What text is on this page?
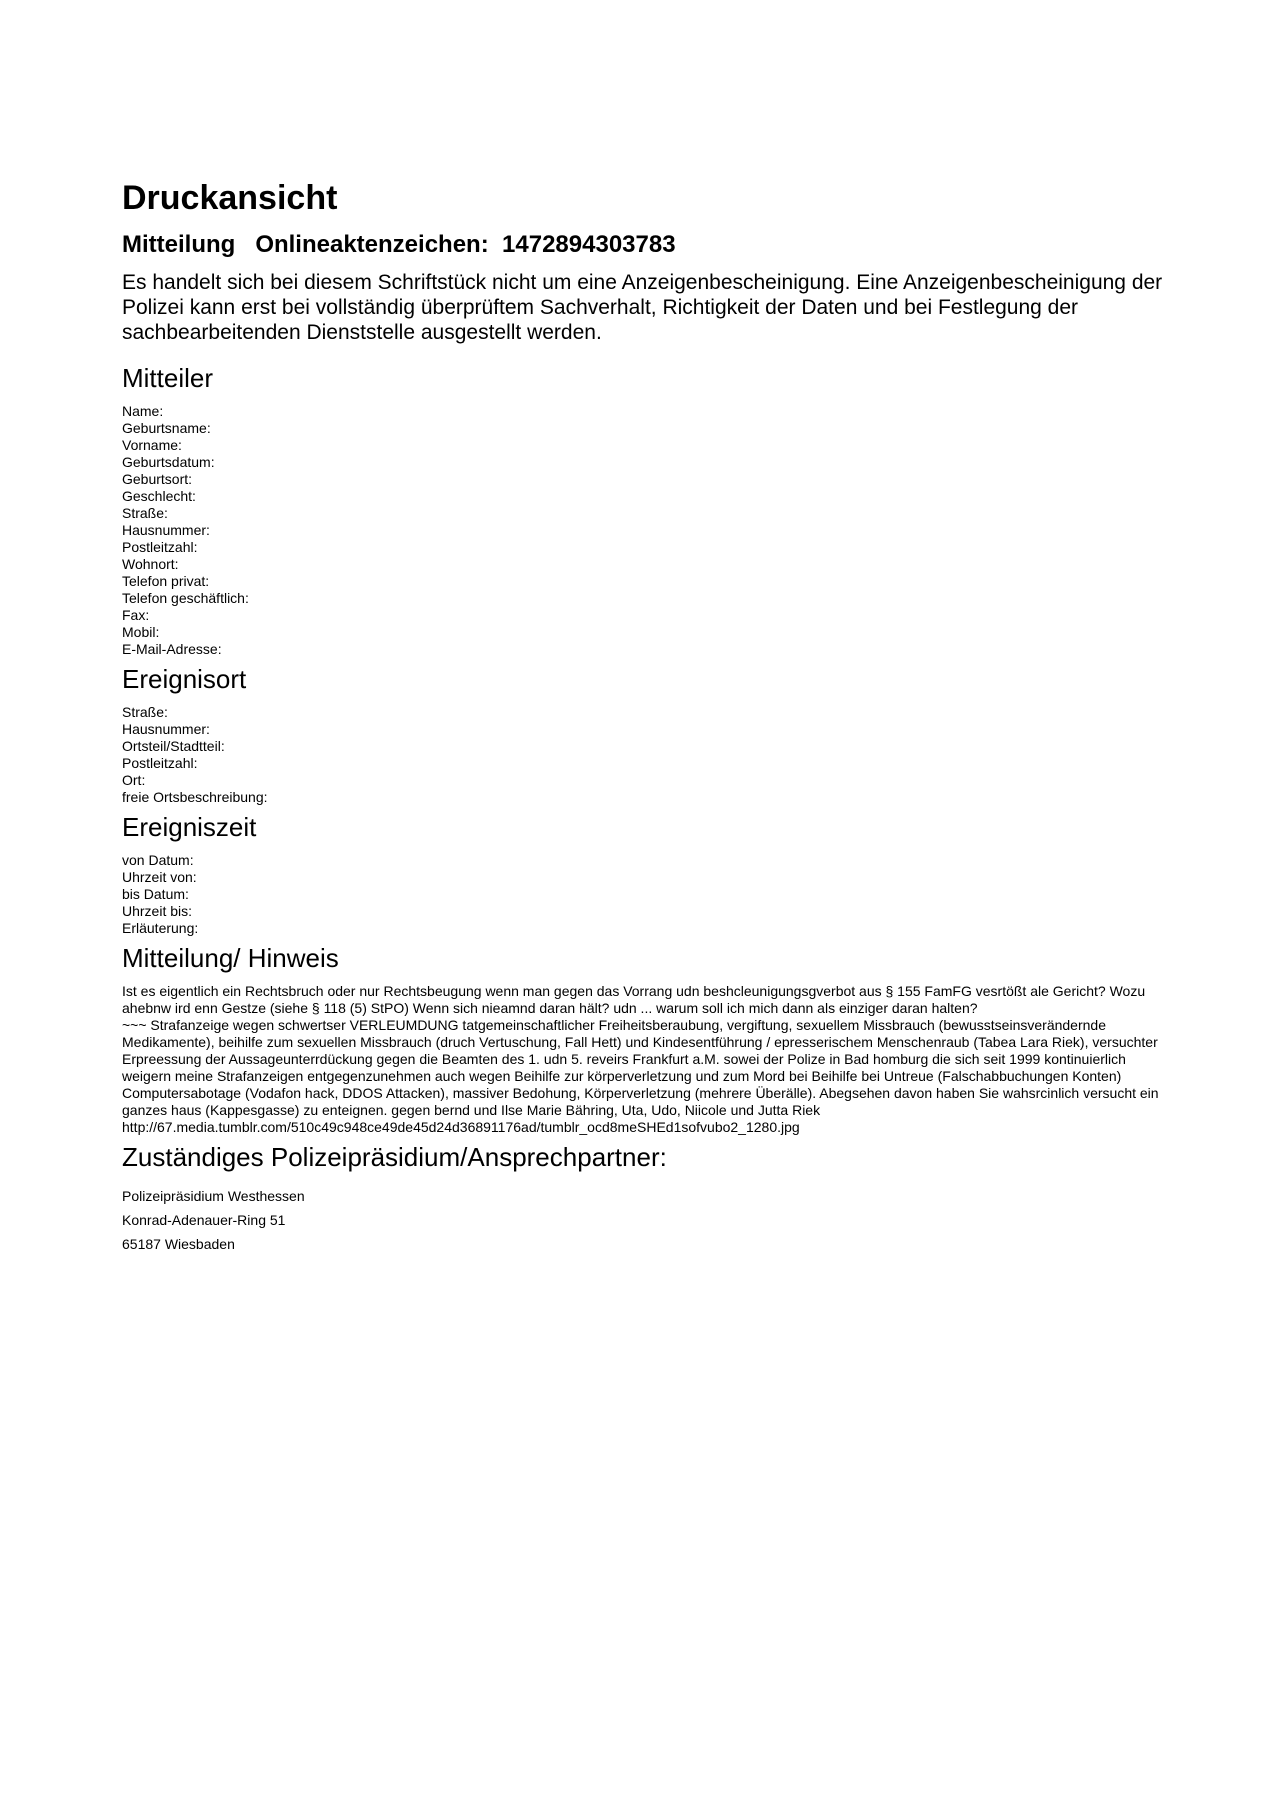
Druckansicht
Mitteilung   Onlineaktenzeichen:  1472894303783

Es handelt sich bei diesem Schriftstück nicht um eine Anzeigenbescheinigung. Eine Anzeigenbescheinigung der Polizei kann erst bei vollständig überprüftem Sachverhalt, Richtigkeit der Daten und bei Festlegung der sachbearbeitenden Dienststelle ausgestellt werden.

Mitteiler
Name:
Geburtsname:
Vorname:
Geburtsdatum:
Geburtsort:
Geschlecht:
Straße:
Hausnummer:
Postleitzahl:
Wohnort:
Telefon privat:
Telefon geschäftlich:
Fax:
Mobil:
E-Mail-Adresse:
Ereignisort
Straße:
Hausnummer:
Ortsteil/Stadtteil:
Postleitzahl:
Ort:
freie Ortsbeschreibung:
Ereigniszeit
von Datum:
Uhrzeit von:
bis Datum:
Uhrzeit bis:
Erläuterung:
Mitteilung/ Hinweis

Ist es eigentlich ein Rechtsbruch oder nur Rechtsbeugung wenn man gegen das Vorrang udn beshcleunigungsgverbot aus § 155 FamFG vesrtößt ale Gericht? Wozu ahebnw ird enn Gestze (siehe § 118 (5) StPO) Wenn sich nieamnd daran hält? udn ... warum soll ich mich dann als einziger daran halten?
~~~ Strafanzeige wegen schwertser VERLEUMDUNG tatgemeinschaftlicher Freiheitsberaubung, vergiftung, sexuellem Missbrauch (bewusstseinsverändernde Medikamente), beihilfe zum sexuellen Missbrauch (druch Vertuschung, Fall Hett) und Kindesentführung / epresserischem Menschenraub (Tabea Lara Riek), versuchter Erpreessung der Aussageunterrdückung gegen die Beamten des 1. udn 5. reveirs Frankfurt a.M. sowei der Polize in Bad homburg die sich seit 1999 kontinuierlich weigern meine Strafanzeigen entgegenzunehmen auch wegen Beihilfe zur körperverletzung und zum Mord bei Beihilfe bei Untreue (Falschabbuchungen Konten) Computersabotage (Vodafon hack, DDOS Attacken), massiver Bedohung, Körperverletzung (mehrere Überälle). Abegsehen davon haben Sie wahsrcinlich versucht ein ganzes haus (Kappesgasse) zu enteignen. gegen bernd und Ilse Marie Bähring, Uta, Udo, Niicole und Jutta Riek
http://67.media.tumblr.com/510c49c948ce49de45d24d36891176ad/tumblr_ocd8meSHEd1sofvubo2_1280.jpg

Zuständiges Polizeipräsidium/Ansprechpartner:
Polizeipräsidium Westhessen
Konrad-Adenauer-Ring 51
65187 Wiesbaden
